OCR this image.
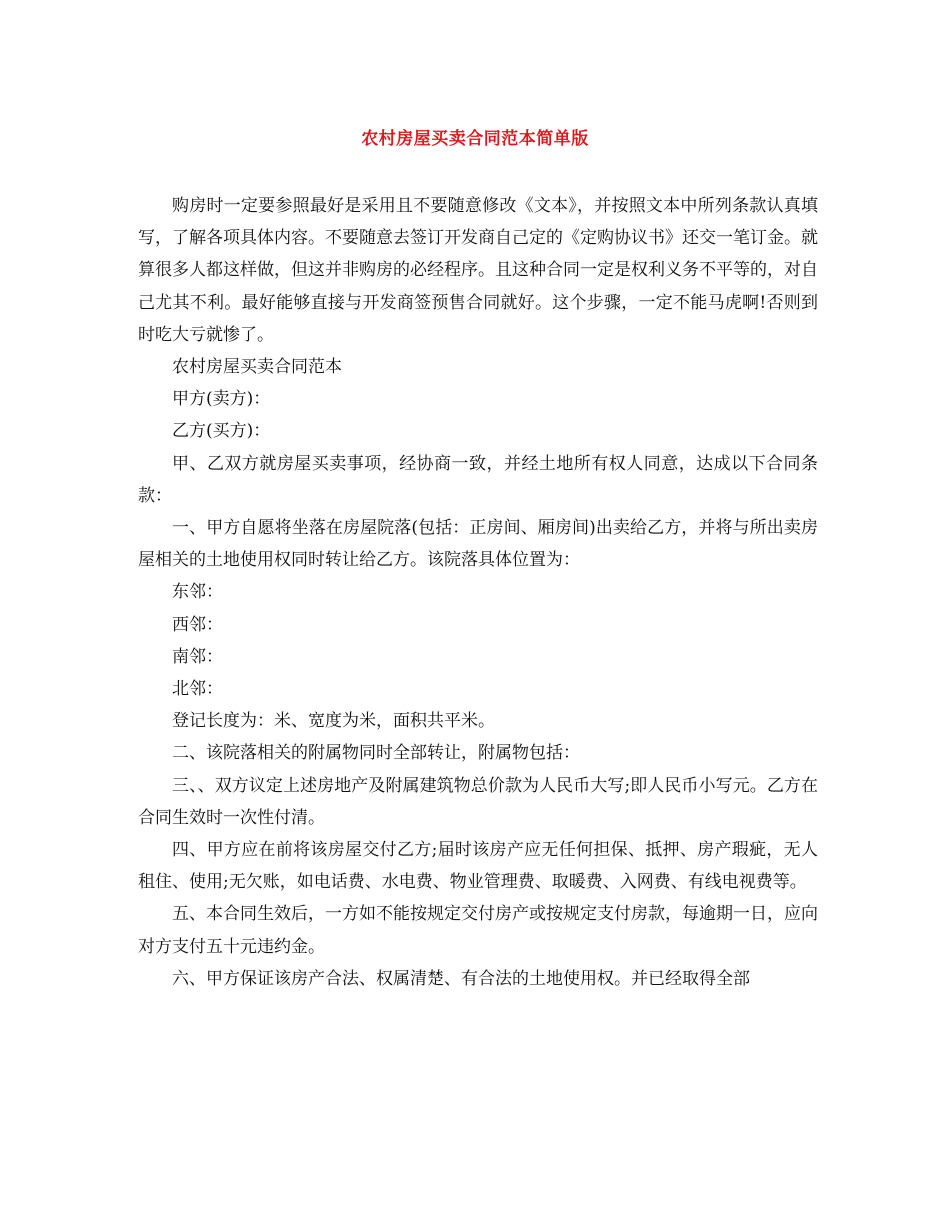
农村房屋买卖合同范本简单版

购房时一定要参照最好是采用且不要随意修改《文本》，并按照文本中所列条款认真填写，了解各项具体内容。不要随意去签订开发商自己定的《定购协议书》还交一笔订金。就算很多人都这样做，但这并非购房的必经程序。且这种合同一定是权利义务不平等的，对自己尤其不利。最好能够直接与开发商签预售合同就好。这个步骤，一定不能马虎啊!否则到时吃大亏就惨了。

农村房屋买卖合同范本

甲方(卖方)：

乙方(买方)：

甲、乙双方就房屋买卖事项，经协商一致，并经土地所有权人同意，达成以下合同条款：

一、甲方自愿将坐落在房屋院落(包括：正房间、厢房间)出卖给乙方，并将与所出卖房屋相关的土地使用权同时转让给乙方。该院落具体位置为：

东邻：

西邻：

南邻：

北邻：

登记长度为：米、宽度为米，面积共平米。

二、该院落相关的附属物同时全部转让，附属物包括：

三、、双方议定上述房地产及附属建筑物总价款为人民币大写;即人民币小写元。乙方在合同生效时一次性付清。

四、甲方应在前将该房屋交付乙方;届时该房产应无任何担保、抵押、房产瑕疵，无人租住、使用;无欠账，如电话费、水电费、物业管理费、取暖费、入网费、有线电视费等。

五、本合同生效后，一方如不能按规定交付房产或按规定支付房款，每逾期一日，应向对方支付五十元违约金。

六、甲方保证该房产合法、权属清楚、有合法的土地使用权。并已经取得全部
